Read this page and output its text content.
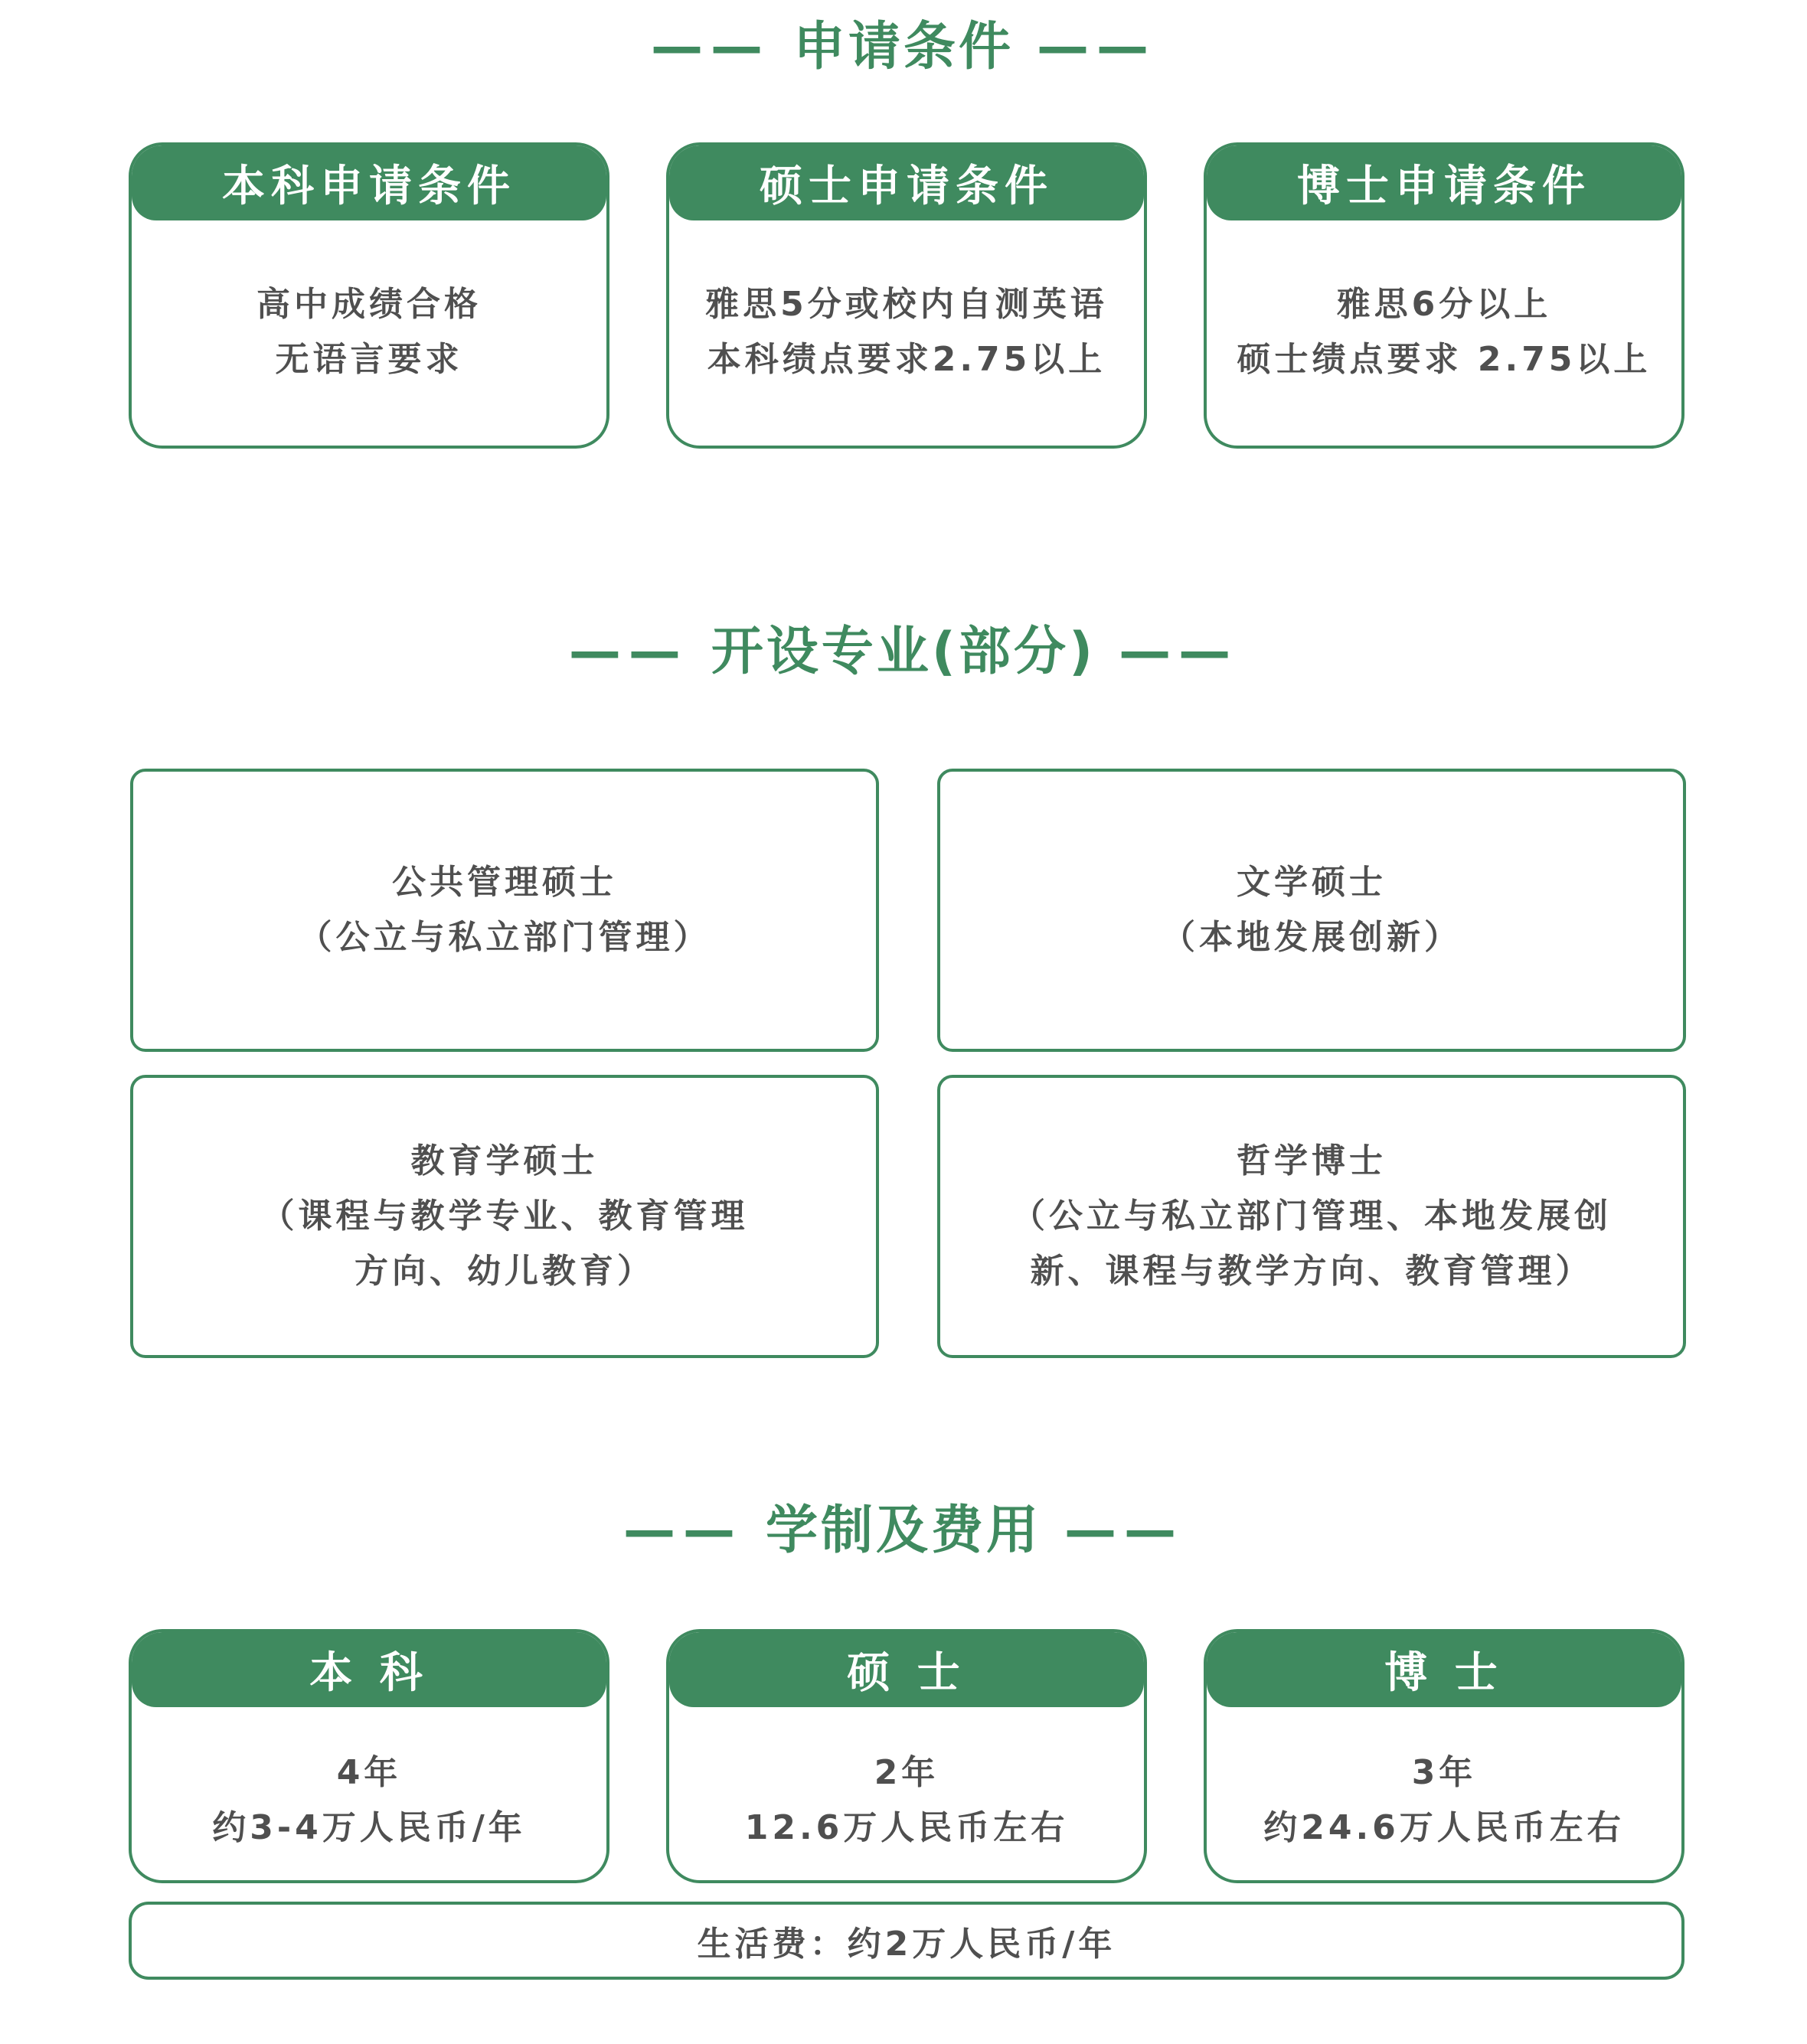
—— 申请条件 ——
本科申请条件
高中成绩合格
无语言要求
硕士申请条件
雅思5分或校内自测英语
本科绩点要求2.75以上
博士申请条件
雅思6分以上
硕士绩点要求 2.75以上
—— 开设专业(部分) ——
公共管理硕士
（公立与私立部门管理）
文学硕士
（本地发展创新）
教育学硕士
（课程与教学专业、教育管理
方向、幼儿教育）
哲学博士
（公立与私立部门管理、本地发展创
新、课程与教学方向、教育管理）
—— 学制及费用 ——
本 科
4年
约3-4万人民币/年
硕 士
2年
12.6万人民币左右
博 士
3年
约24.6万人民币左右
生活费：约2万人民币/年
